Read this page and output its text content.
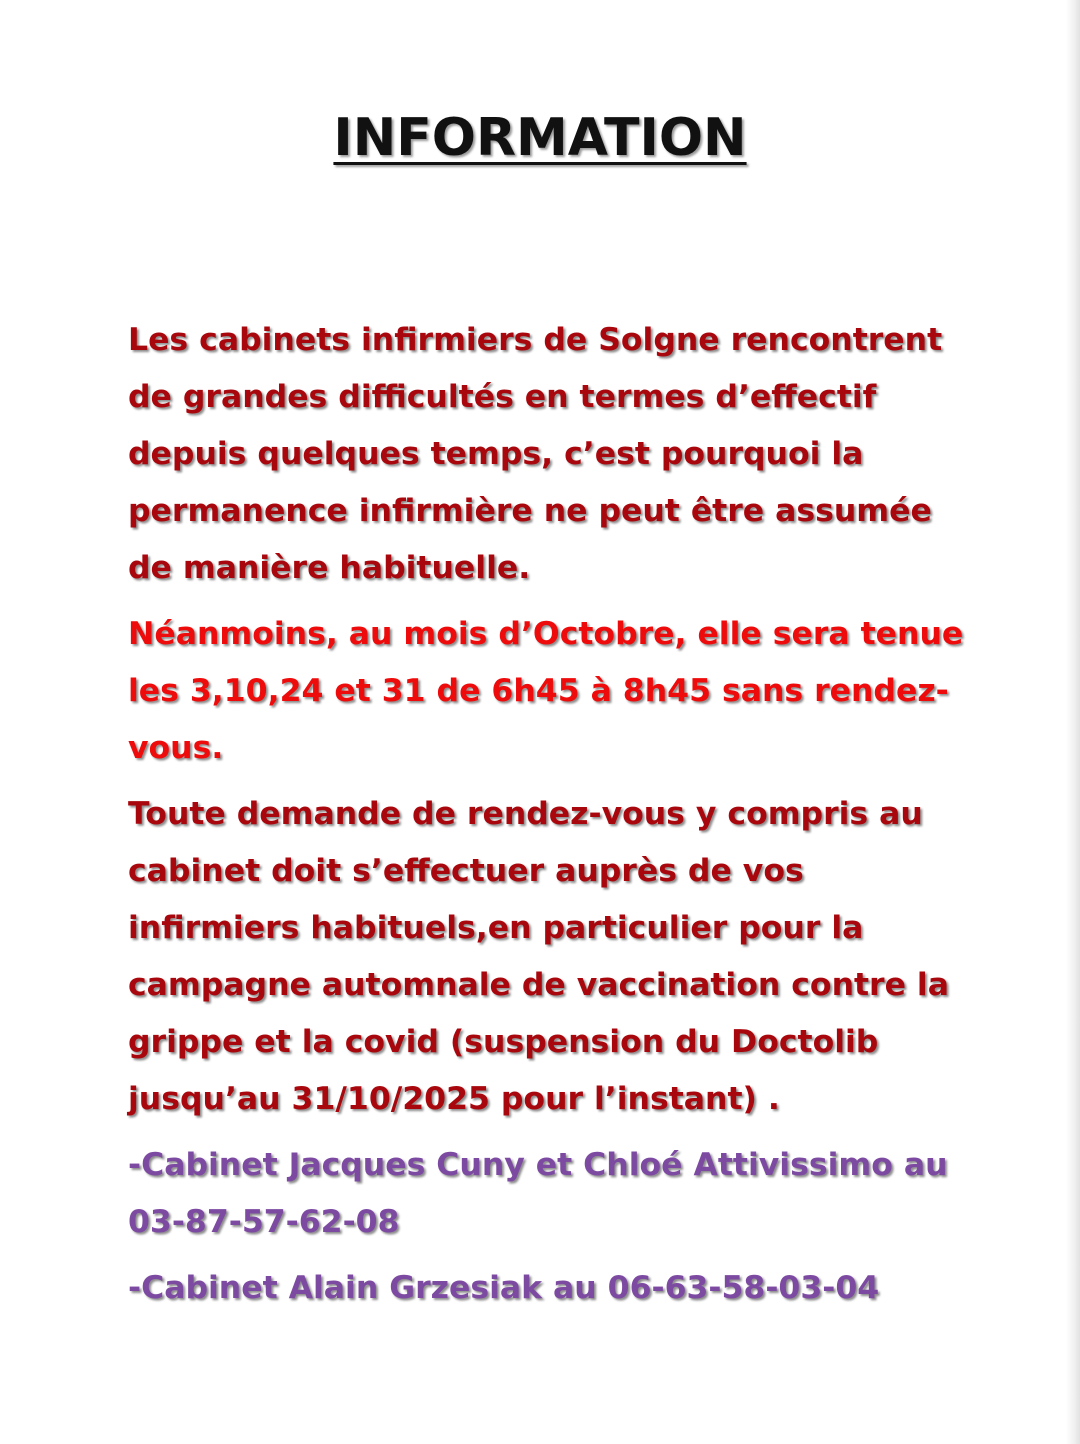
INFORMATION

Les cabinets infirmiers de Solgne rencontrent de grandes difficultés en termes d’effectif depuis quelques temps, c’est pourquoi la permanence infirmière ne peut être assumée de manière habituelle.

Néanmoins, au mois d’Octobre, elle sera tenue les 3,10,24 et 31 de 6h45 à 8h45 sans rendez-vous.

Toute demande de rendez-vous y compris au cabinet doit s’effectuer auprès de vos infirmiers habituels,en particulier pour la campagne automnale de vaccination contre la grippe et la covid (suspension du Doctolib jusqu’au 31/10/2025 pour l’instant) .

-Cabinet Jacques Cuny et Chloé Attivissimo au 03-87-57-62-08

-Cabinet Alain Grzesiak au 06-63-58-03-04
